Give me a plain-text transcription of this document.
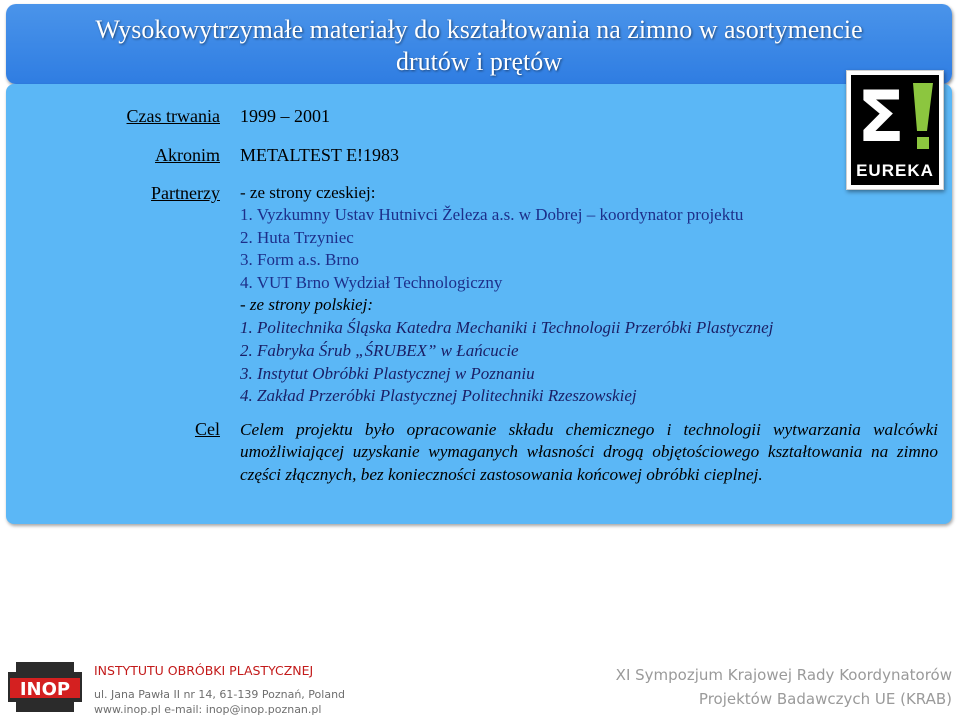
Wysokowytrzymałe materiały do kształtowania na zimno w asortymencie
drutów i prętów
Czas trwania 1999 – 2001
Akronim METALTEST E!1983
Partnerzy - ze strony czeskiej:
1. Vyzkumny Ustav Hutnivci Železa a.s. w Dobrej – koordynator projektu
2. Huta Trzyniec
3. Form a.s. Brno
4. VUT Brno Wydział Technologiczny
- ze strony polskiej:
1. Politechnika Śląska Katedra Mechaniki i Technologii Przeróbki Plastycznej
2. Fabryka Śrub „ŚRUBEX” w Łańcucie
3. Instytut Obróbki Plastycznej w Poznaniu
4. Zakład Przeróbki Plastycznej Politechniki Rzeszowskiej
Cel Celem projektu było opracowanie składu chemicznego i technologii wytwarzania walcówki umożliwiającej uzyskanie wymaganych własności drogą objętościowego kształtowania na zimno części złącznych, bez konieczności zastosowania końcowej obróbki cieplnej.
Σ
EUREKA
INOP
INSTYTUTU OBRÓBKI PLASTYCZNEJ
ul. Jana Pawła II nr 14, 61-139 Poznań, Poland
www.inop.pl e-mail: inop@inop.poznan.pl
XI Sympozjum Krajowej Rady Koordynatorów
Projektów Badawczych UE (KRAB)
